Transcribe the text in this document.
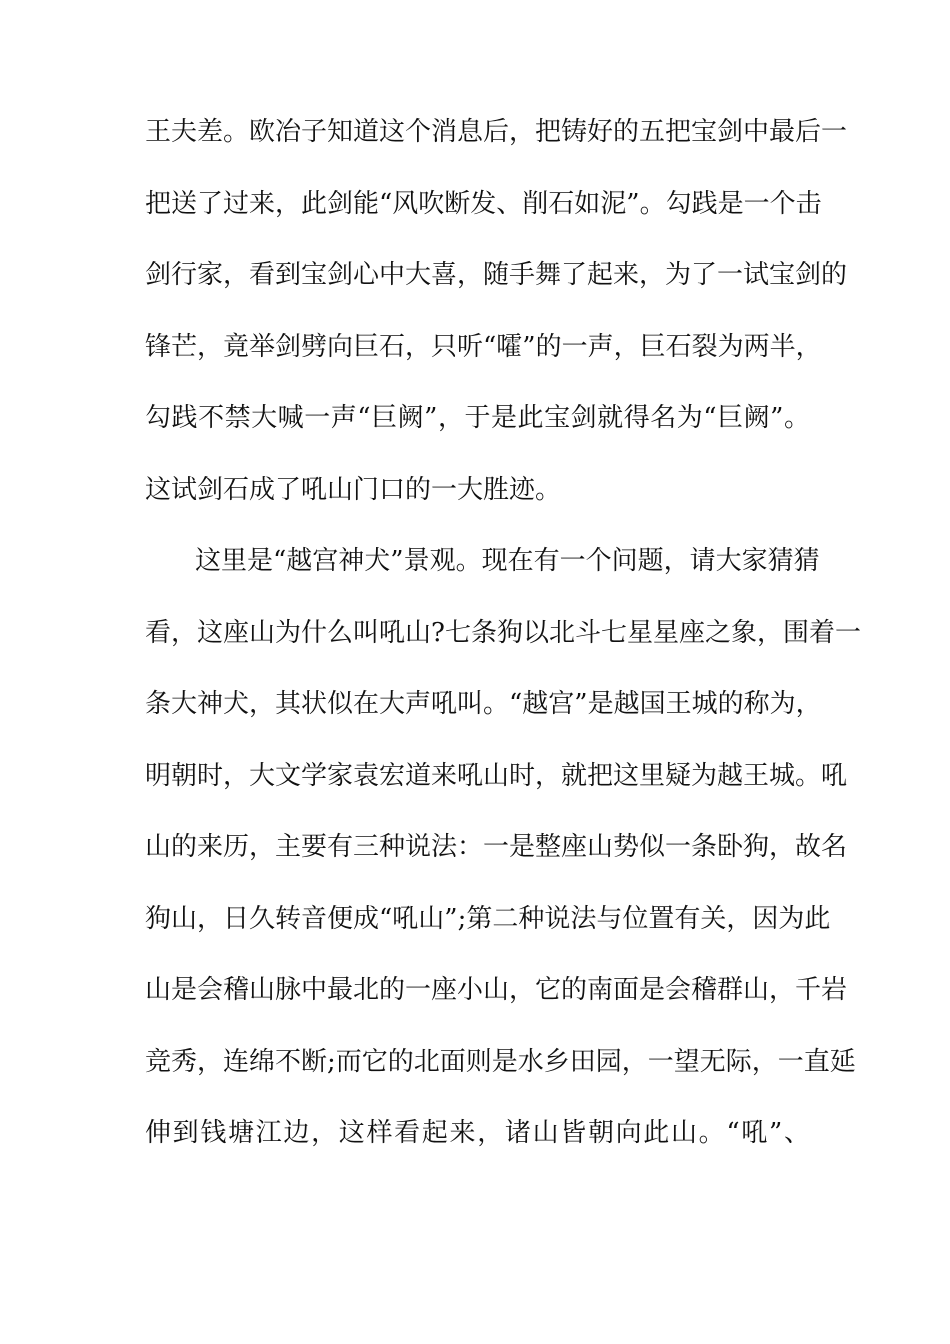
王夫差。欧冶子知道这个消息后，把铸好的五把宝剑中最后一
把送了过来，此剑能“风吹断发、削石如泥”。勾践是一个击
剑行家，看到宝剑心中大喜，随手舞了起来，为了一试宝剑的
锋芒，竟举剑劈向巨石，只听“嚯”的一声，巨石裂为两半，
勾践不禁大喊一声“巨阙”，于是此宝剑就得名为“巨阙”。
这试剑石成了吼山门口的一大胜迹。
这里是“越宫神犬”景观。现在有一个问题，请大家猜猜
看，这座山为什么叫吼山?七条狗以北斗七星星座之象，围着一
条大神犬，其状似在大声吼叫。“越宫”是越国王城的称为，
明朝时，大文学家袁宏道来吼山时，就把这里疑为越王城。吼
山的来历，主要有三种说法：一是整座山势似一条卧狗，故名
狗山，日久转音便成“吼山”;第二种说法与位置有关，因为此
山是会稽山脉中最北的一座小山，它的南面是会稽群山，千岩
竞秀，连绵不断;而它的北面则是水乡田园，一望无际，一直延
伸到钱塘江边，这样看起来，诸山皆朝向此山。“吼”、
